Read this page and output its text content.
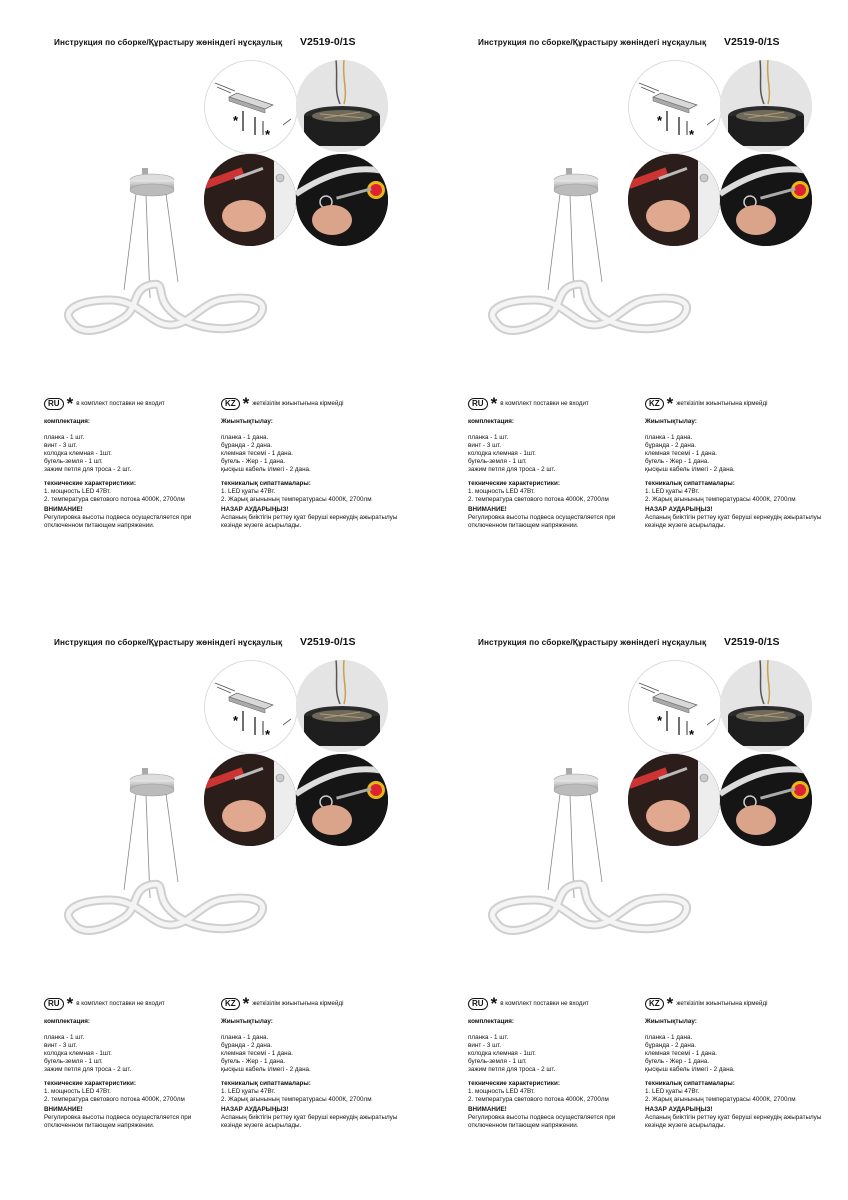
Инструкция по сборке/Құрастыру жөніндегі нұсқаулық V2519-0/1S
*
*
RU * в комплект поставки не входит
комплектация:
планка - 1 шт.
винт - 3 шт.
колодка клемная - 1шт.
бугель-земля - 1 шт.
зажим петля для троса - 2 шт.
технические характеристики:
1. мощность LED 47Вт.
2. температура светового потока 4000К, 2700лм
ВНИМАНИЕ!
Регулировка высоты подвеса осуществляется при отключенном питающем напряжении.
KZ * жеткізілім жиынтығына кірмейді
Жиынтықтылау:
планка - 1 дана.
бұранда - 2 дана.
клемная тесемі - 1 дана.
бугель - Жер - 1 дана.
қысқыш кабель ілмегі - 2 дана.
техникалық сипаттамалары:
1. LED қуаты 47Вт.
2. Жарық ағынының температурасы 4000К, 2700лм
НАЗАР АУДАРЫҢЫЗ!
Аспаның биіктігін реттеу қуат беруші кернеудің ажыратылуы кезінде жүзеге асырылады.
Инструкция по сборке/Құрастыру жөніндегі нұсқаулық V2519-0/1S
*
*
RU * в комплект поставки не входит
комплектация:
планка - 1 шт.
винт - 3 шт.
колодка клемная - 1шт.
бугель-земля - 1 шт.
зажим петля для троса - 2 шт.
технические характеристики:
1. мощность LED 47Вт.
2. температура светового потока 4000К, 2700лм
ВНИМАНИЕ!
Регулировка высоты подвеса осуществляется при отключенном питающем напряжении.
KZ * жеткізілім жиынтығына кірмейді
Жиынтықтылау:
планка - 1 дана.
бұранда - 2 дана.
клемная тесемі - 1 дана.
бугель - Жер - 1 дана.
қысқыш кабель ілмегі - 2 дана.
техникалық сипаттамалары:
1. LED қуаты 47Вт.
2. Жарық ағынының температурасы 4000К, 2700лм
НАЗАР АУДАРЫҢЫЗ!
Аспаның биіктігін реттеу қуат беруші кернеудің ажыратылуы кезінде жүзеге асырылады.
Инструкция по сборке/Құрастыру жөніндегі нұсқаулық V2519-0/1S
*
*
RU * в комплект поставки не входит
комплектация:
планка - 1 шт.
винт - 3 шт.
колодка клемная - 1шт.
бугель-земля - 1 шт.
зажим петля для троса - 2 шт.
технические характеристики:
1. мощность LED 47Вт.
2. температура светового потока 4000К, 2700лм
ВНИМАНИЕ!
Регулировка высоты подвеса осуществляется при отключенном питающем напряжении.
KZ * жеткізілім жиынтығына кірмейді
Жиынтықтылау:
планка - 1 дана.
бұранда - 2 дана.
клемная тесемі - 1 дана.
бугель - Жер - 1 дана.
қысқыш кабель ілмегі - 2 дана.
техникалық сипаттамалары:
1. LED қуаты 47Вт.
2. Жарық ағынының температурасы 4000К, 2700лм
НАЗАР АУДАРЫҢЫЗ!
Аспаның биіктігін реттеу қуат беруші кернеудің ажыратылуы кезінде жүзеге асырылады.
Инструкция по сборке/Құрастыру жөніндегі нұсқаулық V2519-0/1S
*
*
RU * в комплект поставки не входит
комплектация:
планка - 1 шт.
винт - 3 шт.
колодка клемная - 1шт.
бугель-земля - 1 шт.
зажим петля для троса - 2 шт.
технические характеристики:
1. мощность LED 47Вт.
2. температура светового потока 4000К, 2700лм
ВНИМАНИЕ!
Регулировка высоты подвеса осуществляется при отключенном питающем напряжении.
KZ * жеткізілім жиынтығына кірмейді
Жиынтықтылау:
планка - 1 дана.
бұранда - 2 дана.
клемная тесемі - 1 дана.
бугель - Жер - 1 дана.
қысқыш кабель ілмегі - 2 дана.
техникалық сипаттамалары:
1. LED қуаты 47Вт.
2. Жарық ағынының температурасы 4000К, 2700лм
НАЗАР АУДАРЫҢЫЗ!
Аспаның биіктігін реттеу қуат беруші кернеудің ажыратылуы кезінде жүзеге асырылады.
